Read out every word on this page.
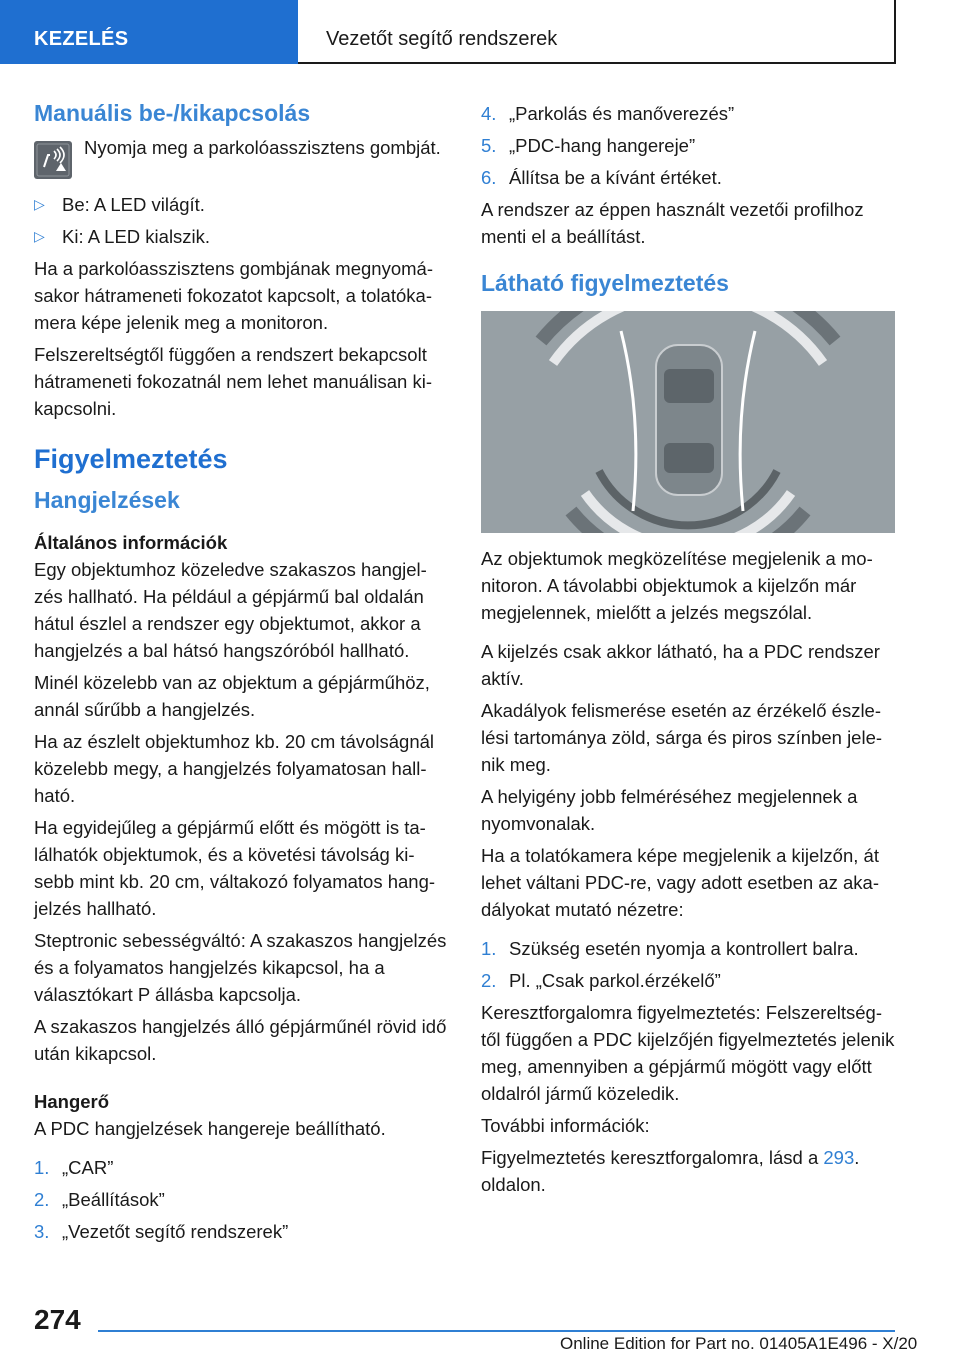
KEZELÉS	Vezetőt segítő rendszerek
Manuális be-/kikapcsolás
Nyomja meg a parkolóasszisztens gombját.
▷ Be: A LED világít.
▷ Ki: A LED kialszik.

Ha a parkolóasszisztens gombjának megnyomásakor hátrameneti fokozatot kapcsolt, a tolatókamera képe jelenik meg a monitoron.

Felszereltségtől függően a rendszert bekapcsolt hátrameneti fokozatnál nem lehet manuálisan kikapcsolni.

Figyelmeztetés
Hangjelzések
Általános információk

Egy objektumhoz közeledve szakaszos hangjelzés hallható. Ha például a gépjármű bal oldalán hátul észlel a rendszer egy objektumot, akkor a hangjelzés a bal hátsó hangszóróból hallható.

Minél közelebb van az objektum a gépjárműhöz, annál sűrűbb a hangjelzés.

Ha az észlelt objektumhoz kb. 20 cm távolságnál közelebb megy, a hangjelzés folyamatosan hallható.

Ha egyidejűleg a gépjármű előtt és mögött is találhatók objektumok, és a követési távolság kisebb mint kb. 20 cm, váltakozó folyamatos hangjelzés hallható.

Steptronic sebességváltó: A szakaszos hangjelzés és a folyamatos hangjelzés kikapcsol, ha a választókart P állásba kapcsolja.

A szakaszos hangjelzés álló gépjárműnél rövid idő után kikapcsol.

Hangerő

A PDC hangjelzések hangereje beállítható.

1. „CAR”
2. „Beállítások”
3. „Vezetőt segítő rendszerek”
4. „Parkolás és manőverezés”
5. „PDC-hang hangereje”
6. Állítsa be a kívánt értéket.

A rendszer az éppen használt vezetői profilhoz menti el a beállítást.

Látható figyelmeztetés

Az objektumok megközelítése megjelenik a monitoron. A távolabbi objektumok a kijelzőn már megjelennek, mielőtt a jelzés megszólal.

A kijelzés csak akkor látható, ha a PDC rendszer aktív.

Akadályok felismerése esetén az érzékelő észlelési tartománya zöld, sárga és piros színben jelenik meg.

A helyigény jobb felméréséhez megjelennek a nyomvonalak.

Ha a tolatókamera képe megjelenik a kijelzőn, át lehet váltani PDC-re, vagy adott esetben az akadályokat mutató nézetre:

1. Szükség esetén nyomja a kontrollert balra.
2. Pl. „Csak parkol.érzékelő”

Keresztforgalomra figyelmeztetés: Felszereltségtől függően a PDC kijelzőjén figyelmeztetés jelenik meg, amennyiben a gépjármű mögött vagy előtt oldalról jármű közeledik.

További információk:

Figyelmeztetés keresztforgalomra, lásd a 293.

oldalon.

274
Online Edition for Part no. 01405A1E496 - X/20
